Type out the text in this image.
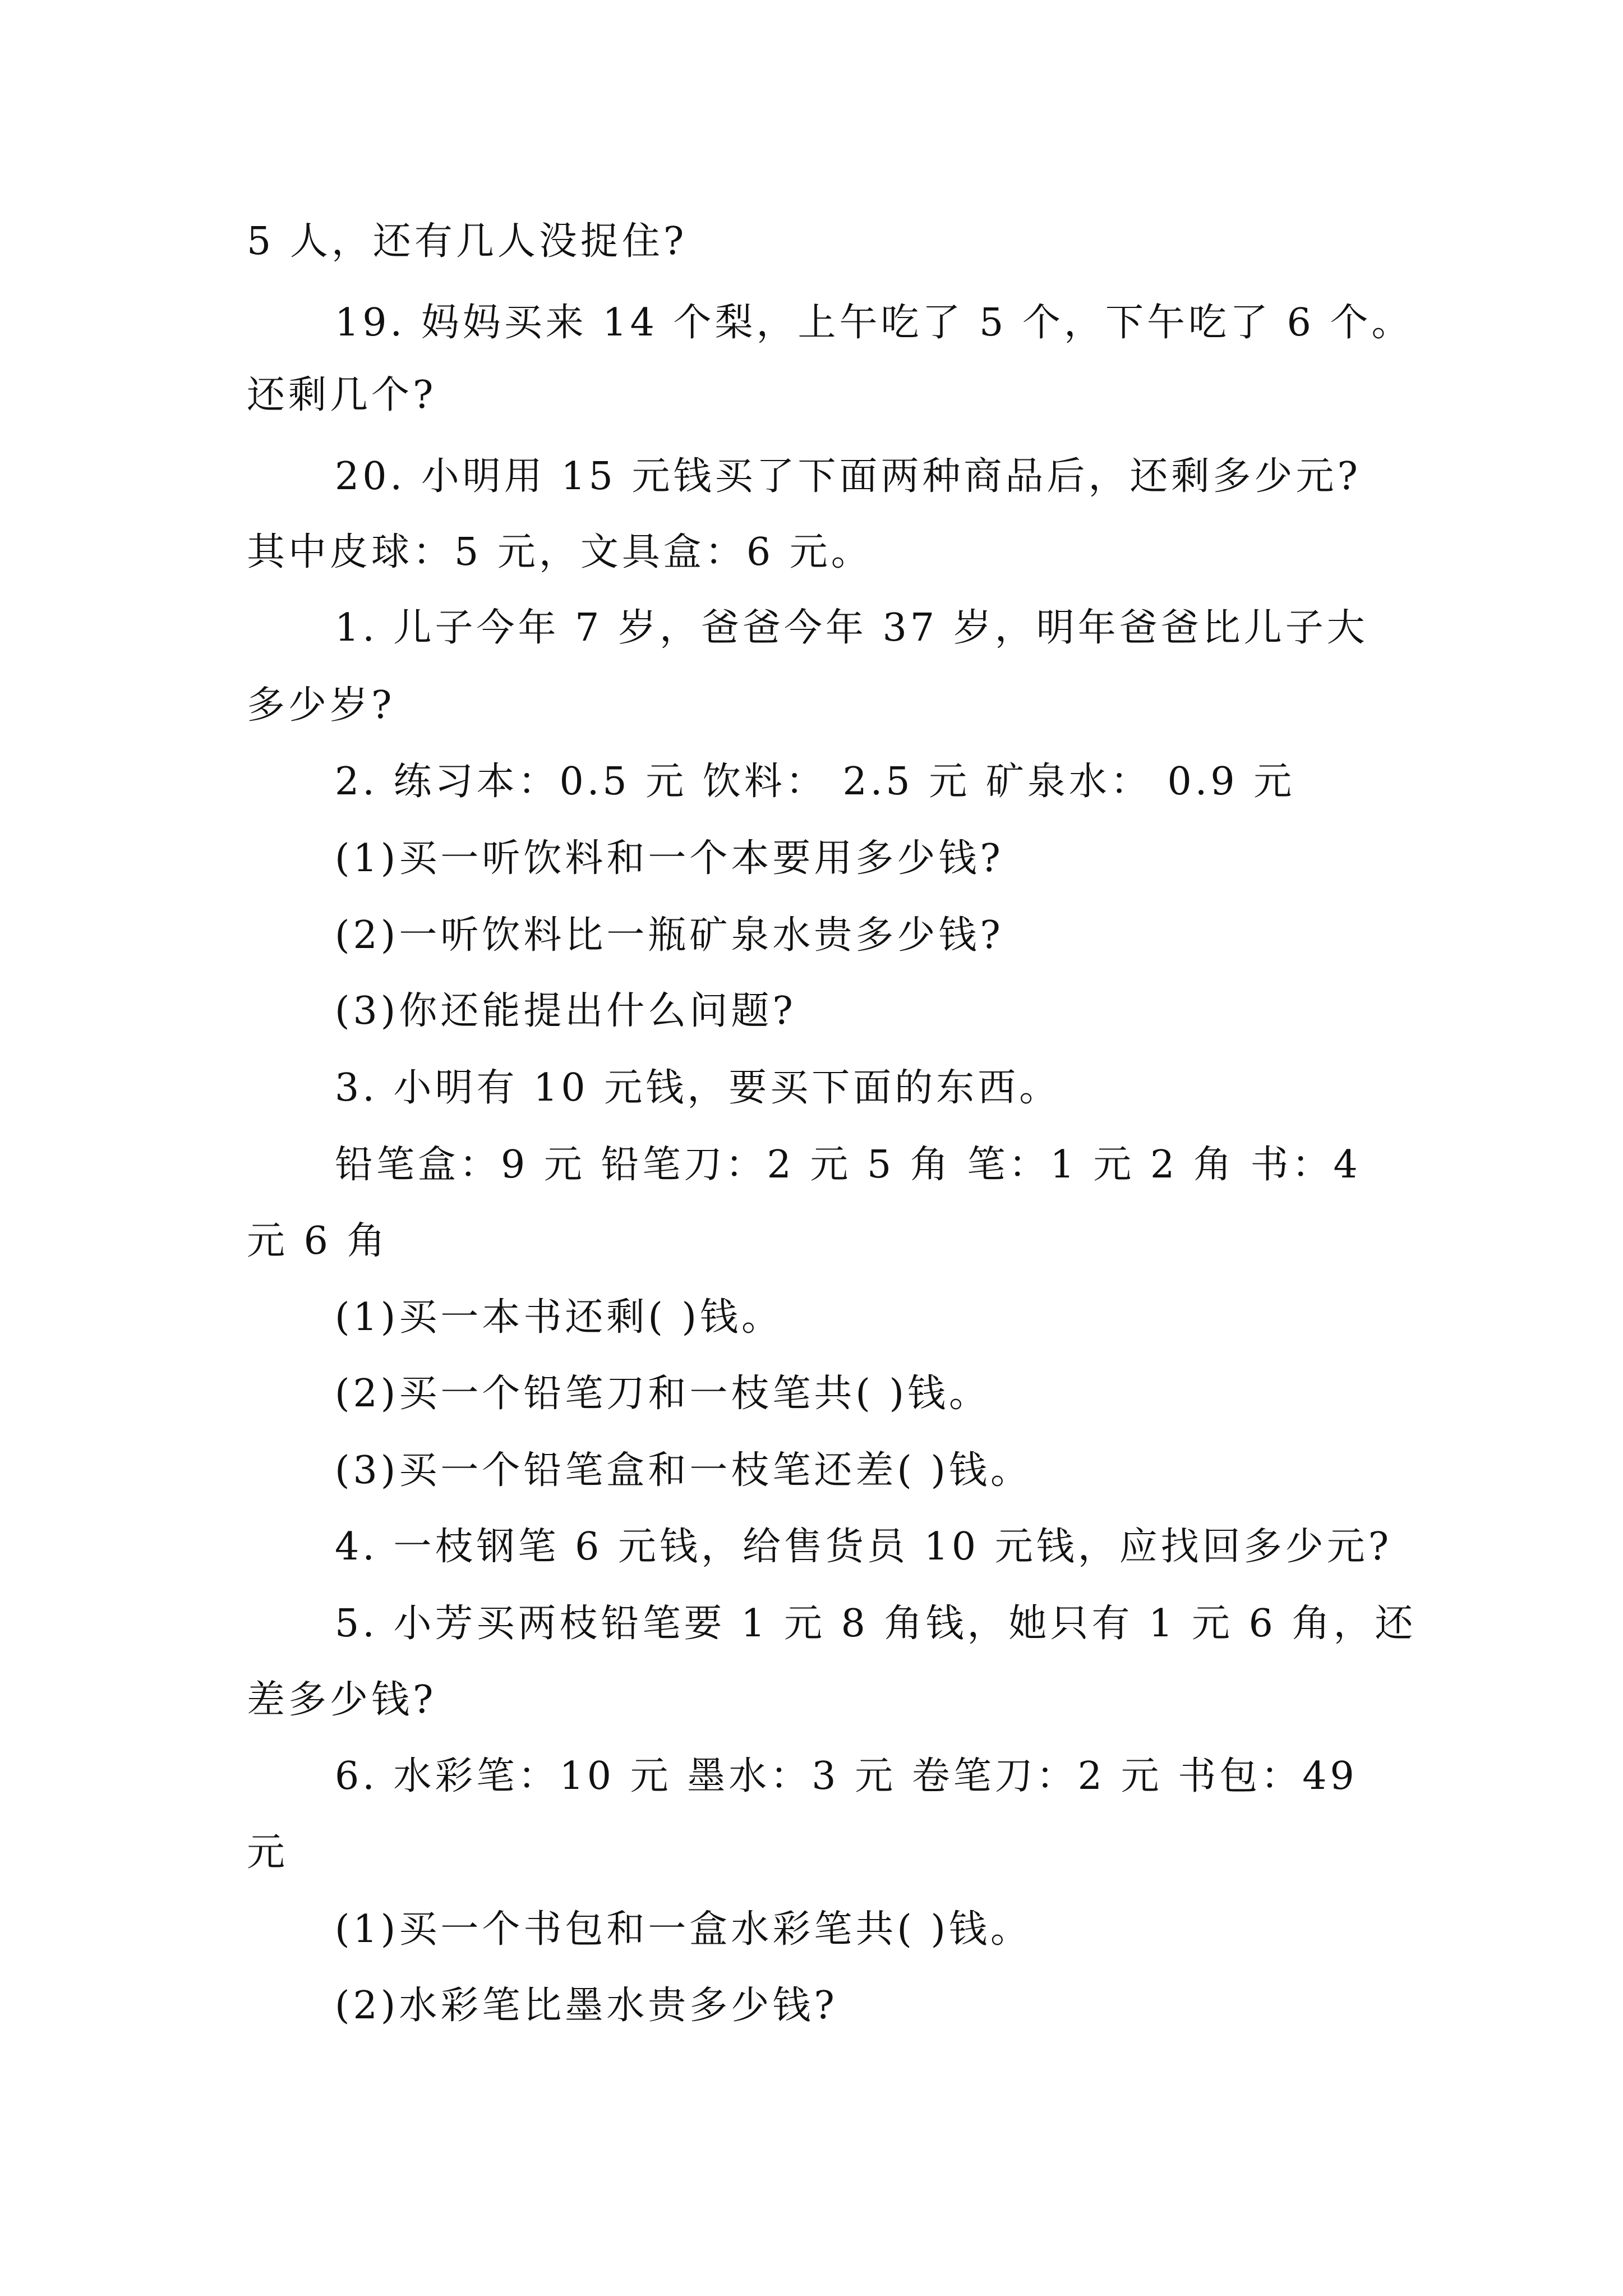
5 人，还有几人没捉住?
19. 妈妈买来 14 个梨，上午吃了 5 个，下午吃了 6 个。
还剩几个?
20. 小明用 15 元钱买了下面两种商品后，还剩多少元?
其中皮球：5 元，文具盒：6 元。
1. 儿子今年 7 岁，爸爸今年 37 岁，明年爸爸比儿子大
多少岁?
2. 练习本：0.5 元 饮料： 2.5 元 矿泉水： 0.9 元
(1)买一听饮料和一个本要用多少钱?
(2)一听饮料比一瓶矿泉水贵多少钱?
(3)你还能提出什么问题?
3. 小明有 10 元钱，要买下面的东西。
铅笔盒：9 元 铅笔刀：2 元 5 角 笔：1 元 2 角 书：4
元 6 角
(1)买一本书还剩( )钱。
(2)买一个铅笔刀和一枝笔共( )钱。
(3)买一个铅笔盒和一枝笔还差( )钱。
4. 一枝钢笔 6 元钱，给售货员 10 元钱，应找回多少元?
5. 小芳买两枝铅笔要 1 元 8 角钱，她只有 1 元 6 角，还
差多少钱?
6. 水彩笔：10 元 墨水：3 元 卷笔刀：2 元 书包：49
元
(1)买一个书包和一盒水彩笔共( )钱。
(2)水彩笔比墨水贵多少钱?
